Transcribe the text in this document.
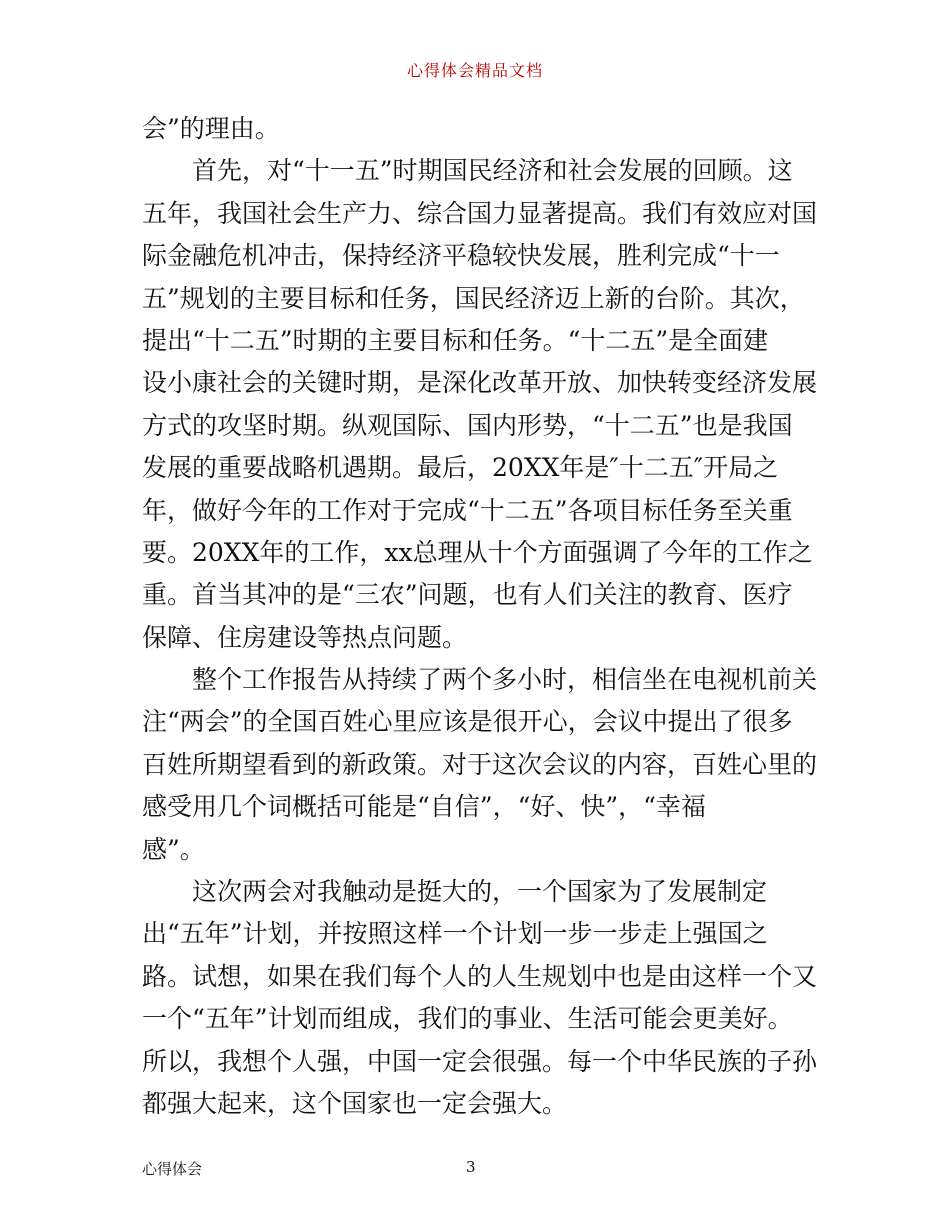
心得体会精品文档
会”的理由。
　　首先，对“十一五”时期国民经济和社会发展的回顾。这
五年，我国社会生产力、综合国力显著提高。我们有效应对国
际金融危机冲击，保持经济平稳较快发展，胜利完成“十一
五”规划的主要目标和任务，国民经济迈上新的台阶。其次，
提出“十二五”时期的主要目标和任务。“十二五”是全面建
设小康社会的关键时期，是深化改革开放、加快转变经济发展
方式的攻坚时期。纵观国际、国内形势，“十二五”也是我国
发展的重要战略机遇期。最后，20XX年是″十二五″开局之
年，做好今年的工作对于完成“十二五”各项目标任务至关重
要。20XX年的工作，xx总理从十个方面强调了今年的工作之
重。首当其冲的是“三农”问题，也有人们关注的教育、医疗
保障、住房建设等热点问题。
　　整个工作报告从持续了两个多小时，相信坐在电视机前关
注“两会”的全国百姓心里应该是很开心，会议中提出了很多
百姓所期望看到的新政策。对于这次会议的内容，百姓心里的
感受用几个词概括可能是“自信”，“好、快”，“幸福
感”。
　　这次两会对我触动是挺大的，一个国家为了发展制定
出“五年”计划，并按照这样一个计划一步一步走上强国之
路。试想，如果在我们每个人的人生规划中也是由这样一个又
一个“五年”计划而组成，我们的事业、生活可能会更美好。
所以，我想个人强，中国一定会很强。每一个中华民族的子孙
都强大起来，这个国家也一定会强大。
心得体会	3
